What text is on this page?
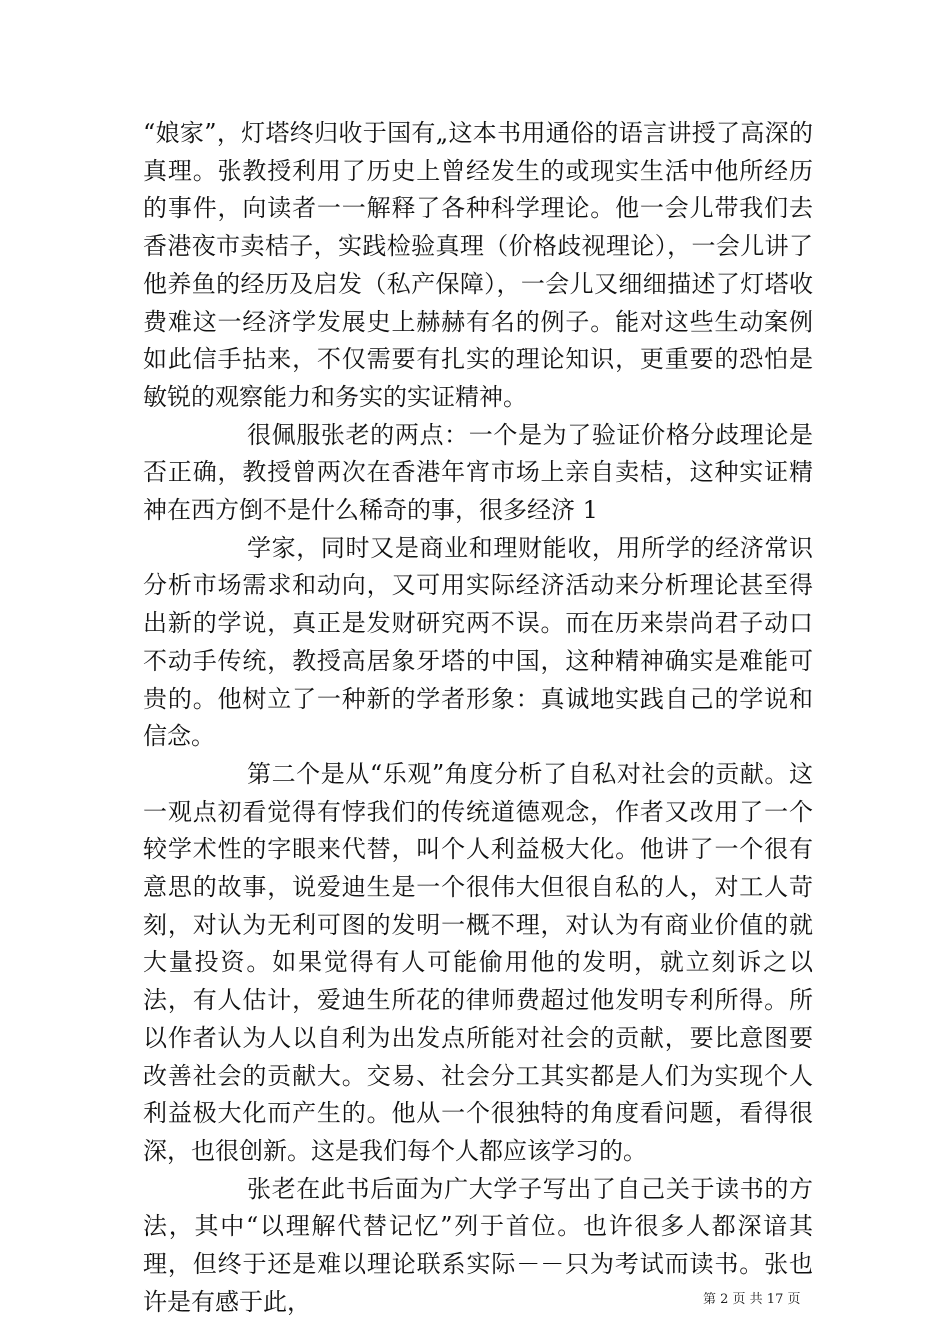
“娘家”，灯塔终归收于国有„这本书用通俗的语言讲授了高深的真理。张教授利用了历史上曾经发生的或现实生活中他所经历的事件，向读者一一解释了各种科学理论。他一会儿带我们去香港夜市卖桔子，实践检验真理（价格歧视理论），一会儿讲了他养鱼的经历及启发（私产保障），一会儿又细细描述了灯塔收费难这一经济学发展史上赫赫有名的例子。能对这些生动案例如此信手拈来，不仅需要有扎实的理论知识，更重要的恐怕是敏锐的观察能力和务实的实证精神。

很佩服张老的两点：一个是为了验证价格分歧理论是否正确，教授曾两次在香港年宵市场上亲自卖桔，这种实证精神在西方倒不是什么稀奇的事，很多经济 1

学家，同时又是商业和理财能收，用所学的经济常识分析市场需求和动向，又可用实际经济活动来分析理论甚至得出新的学说，真正是发财研究两不误。而在历来崇尚君子动口不动手传统，教授高居象牙塔的中国，这种精神确实是难能可贵的。他树立了一种新的学者形象：真诚地实践自己的学说和信念。

第二个是从“乐观”角度分析了自私对社会的贡献。这一观点初看觉得有悖我们的传统道德观念，作者又改用了一个较学术性的字眼来代替，叫个人利益极大化。他讲了一个很有意思的故事，说爱迪生是一个很伟大但很自私的人，对工人苛刻，对认为无利可图的发明一概不理，对认为有商业价值的就大量投资。如果觉得有人可能偷用他的发明，就立刻诉之以法，有人估计，爱迪生所花的律师费超过他发明专利所得。所以作者认为人以自利为出发点所能对社会的贡献，要比意图要改善社会的贡献大。交易、社会分工其实都是人们为实现个人利益极大化而产生的。他从一个很独特的角度看问题，看得很深，也很创新。这是我们每个人都应该学习的。

张老在此书后面为广大学子写出了自己关于读书的方法，其中“以理解代替记忆”列于首位。也许很多人都深谙其理，但终于还是难以理论联系实际－－只为考试而读书。张也许是有感于此，	第 2 页 共 17 页
